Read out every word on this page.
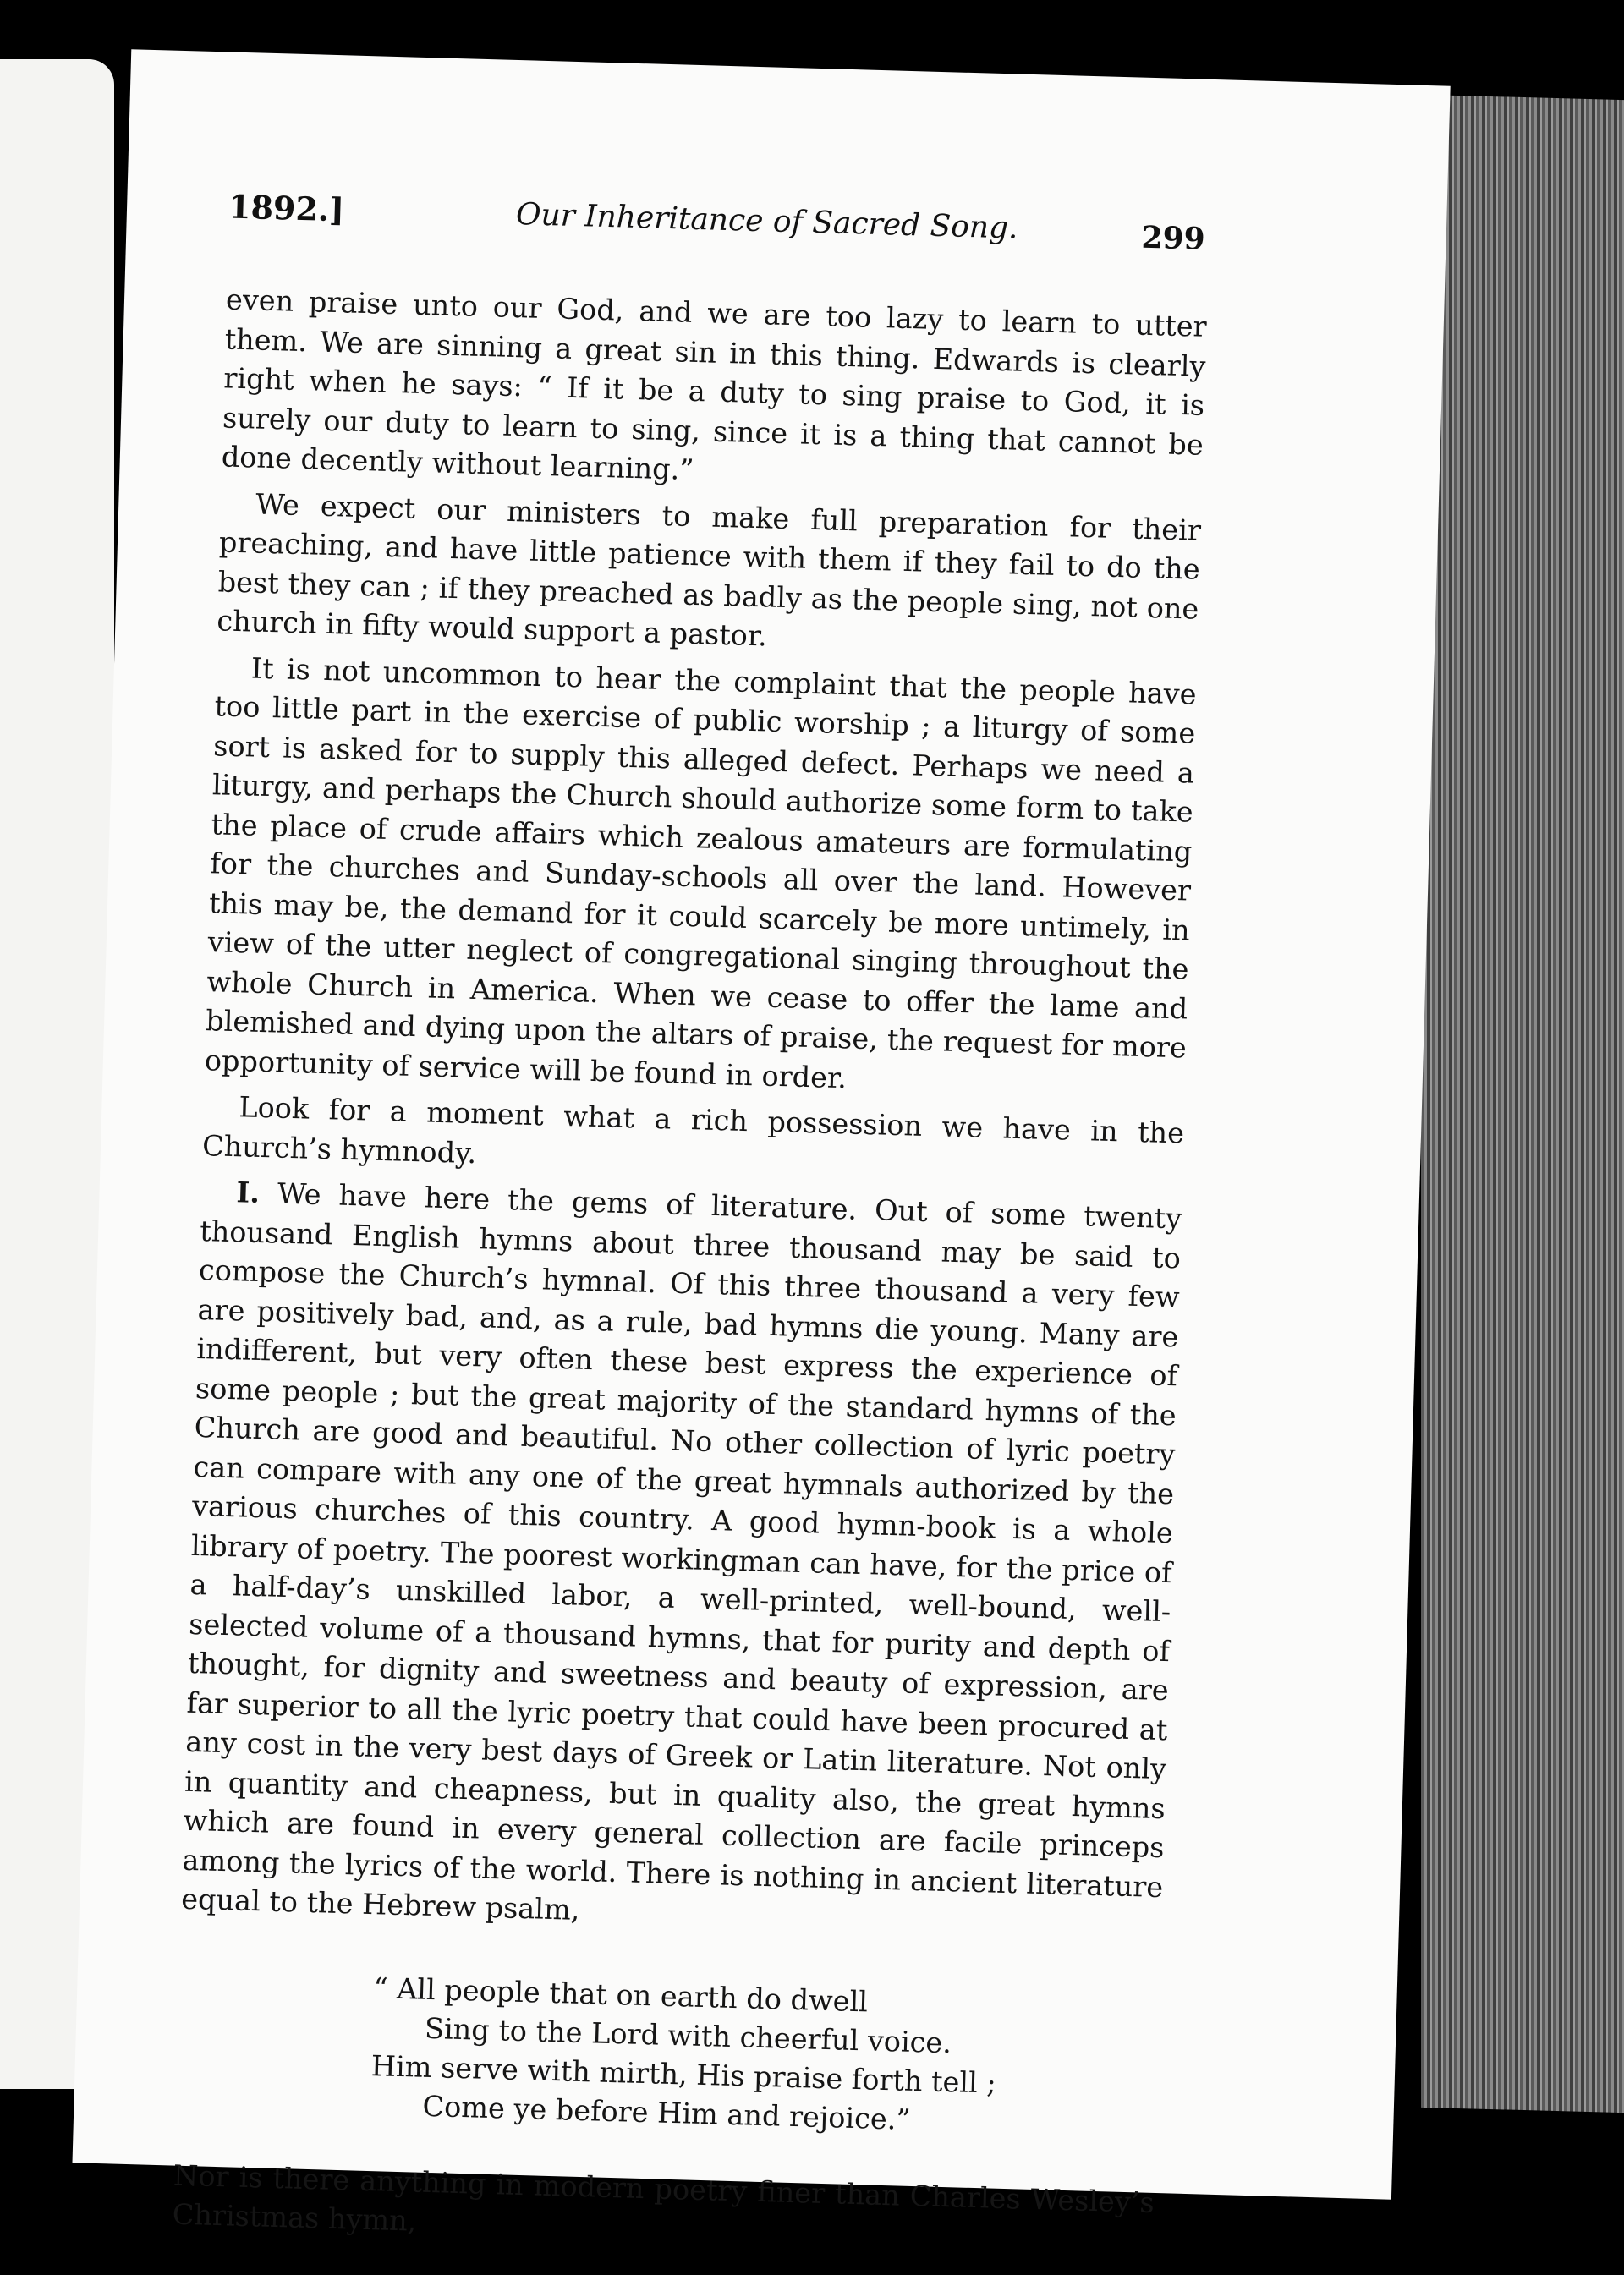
1892.]	Our Inheritance of Sacred Song.	299

even praise unto our God, and we are too lazy to learn to utter them. We are sinning a great sin in this thing. Edwards is clearly right when he says: “ If it be a duty to sing praise to God, it is surely our duty to learn to sing, since it is a thing that cannot be done decently without learning.”

We expect our ministers to make full preparation for their preaching, and have little patience with them if they fail to do the best they can ; if they preached as badly as the people sing, not one church in fifty would support a pastor.

It is not uncommon to hear the complaint that the people have too little part in the exercise of public worship ; a liturgy of some sort is asked for to supply this alleged defect. Perhaps we need a liturgy, and perhaps the Church should authorize some form to take the place of crude affairs which zealous amateurs are formulating for the churches and Sunday-schools all over the land. However this may be, the demand for it could scarcely be more untimely, in view of the utter neglect of congregational singing throughout the whole Church in America. When we cease to offer the lame and blemished and dying upon the altars of praise, the request for more opportunity of service will be found in order.

Look for a moment what a rich possession we have in the Church’s hymnody.

I. We have here the gems of literature. Out of some twenty thousand English hymns about three thousand may be said to compose the Church’s hymnal. Of this three thousand a very few are positively bad, and, as a rule, bad hymns die young. Many are indifferent, but very often these best express the experience of some people ; but the great majority of the standard hymns of the Church are good and beautiful. No other collection of lyric poetry can compare with any one of the great hymnals authorized by the various churches of this country. A good hymn-book is a whole library of poetry. The poorest workingman can have, for the price of a half-day’s unskilled labor, a well-printed, well-bound, well-selected volume of a thousand hymns, that for purity and depth of thought, for dignity and sweetness and beauty of expression, are far superior to all the lyric poetry that could have been procured at any cost in the very best days of Greek or Latin literature. Not only in quantity and cheapness, but in quality also, the great hymns which are found in every general collection are facile princeps among the lyrics of the world. There is nothing in ancient literature equal to the Hebrew psalm,

“ All people that on earth do dwell
Sing to the Lord with cheerful voice.
Him serve with mirth, His praise forth tell ;
Come ye before Him and rejoice.”

Nor is there anything in modern poetry finer than Charles Wesley’s Christmas hymn,
